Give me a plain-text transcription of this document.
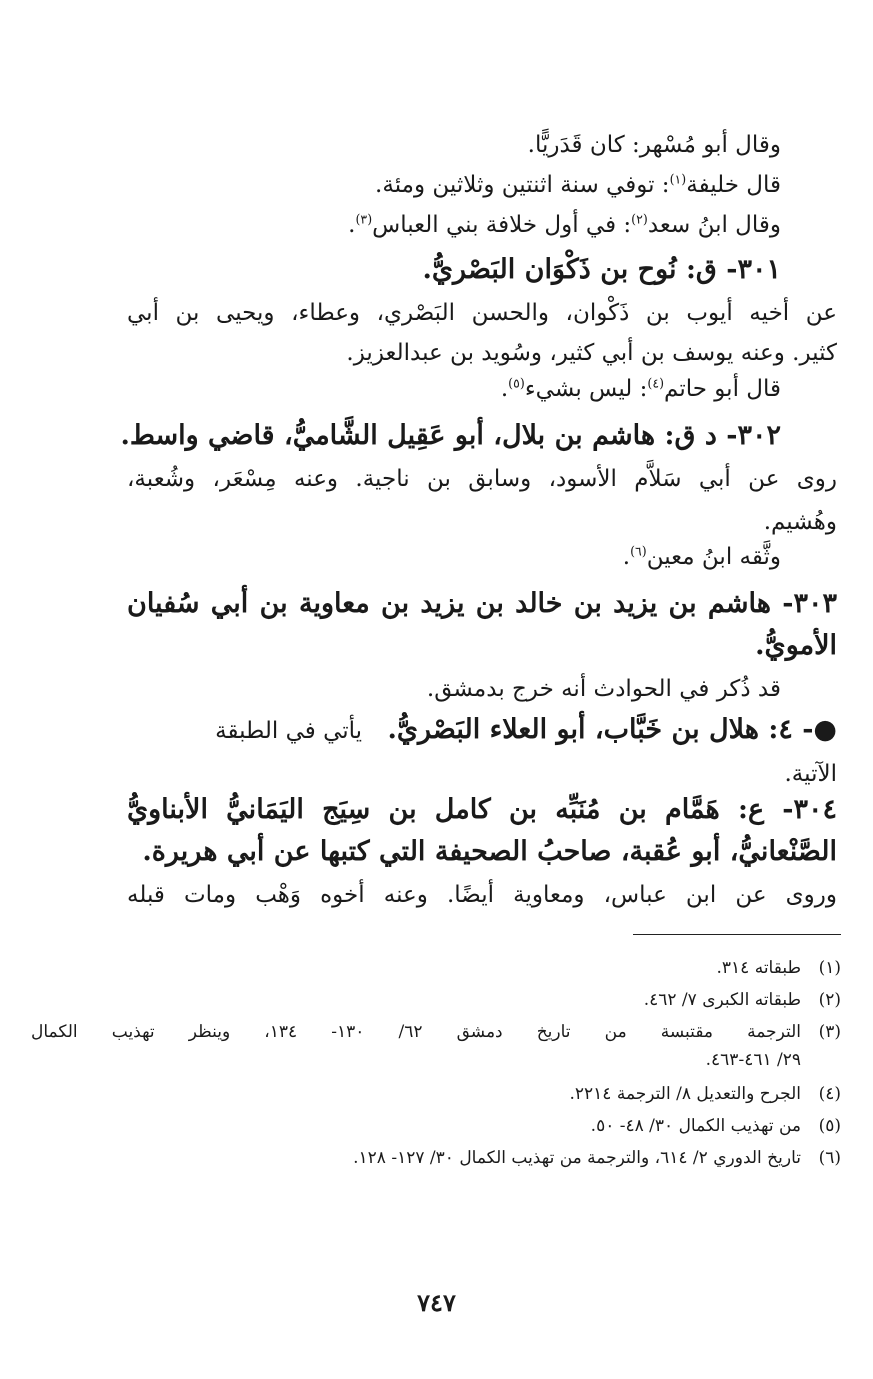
وقال أبو مُسْهر: كان قَدَريًّا.
قال خليفة$^{(١)}$: توفي سنة اثنتين وثلاثين ومئة.
وقال ابنُ سعد$^{(٢)}$: في أول خلافة بني العباس$^{(٣)}$.
٣٠١- ق: نُوح بن ذَكْوَان البَصْريُّ.
عن أخيه أيوب بن ذَكْوان، والحسن البَصْري، وعطاء، ويحيى بن أبي
كثير. وعنه يوسف بن أبي كثير، وسُويد بن عبدالعزيز.
قال أبو حاتم$^{(٤)}$: ليس بشيء$^{(٥)}$.
٣٠٢- د ق: هاشم بن بلال، أبو عَقِيل الشَّاميُّ، قاضي واسط.
روى عن أبي سَلاَّم الأسود، وسابق بن ناجية. وعنه مِسْعَر، وشُعبة،
وهُشيم.
وثَّقه ابنُ معين$^{(٦)}$.
٣٠٣- هاشم بن يزيد بن خالد بن يزيد بن معاوية بن أبي سُفيان
الأمويُّ.
قد ذُكر في الحوادث أنه خرج بدمشق.
●- ٤: هلال بن خَبَّاب، أبو العلاء البَصْريُّ. يأتي في الطبقة
الآتية.
٣٠٤- ع: هَمَّام بن مُنَبِّه بن كامل بن سِيَج اليَمَانيُّ الأبناويُّ
الصَّنْعانيُّ، أبو عُقبة، صاحبُ الصحيفة التي كتبها عن أبي هريرة.
وروى عن ابن عباس، ومعاوية أيضًا. وعنه أخوه وَهْب ومات قبله
(١)طبقاته ٣١٤.
(٢)طبقاته الكبرى ٧/ ٤٦٢.
(٣)الترجمة مقتبسة من تاريخ دمشق ٦٢/ ١٣٠- ١٣٤، وينظر تهذيب الكمال
٢٩/ ٤٦١-٤٦٣.
(٤)الجرح والتعديل ٨/ الترجمة ٢٢١٤.
(٥)من تهذيب الكمال ٣٠/ ٤٨- ٥٠.
(٦)تاريخ الدوري ٢/ ٦١٤، والترجمة من تهذيب الكمال ٣٠/ ١٢٧- ١٢٨.
٧٤٧
